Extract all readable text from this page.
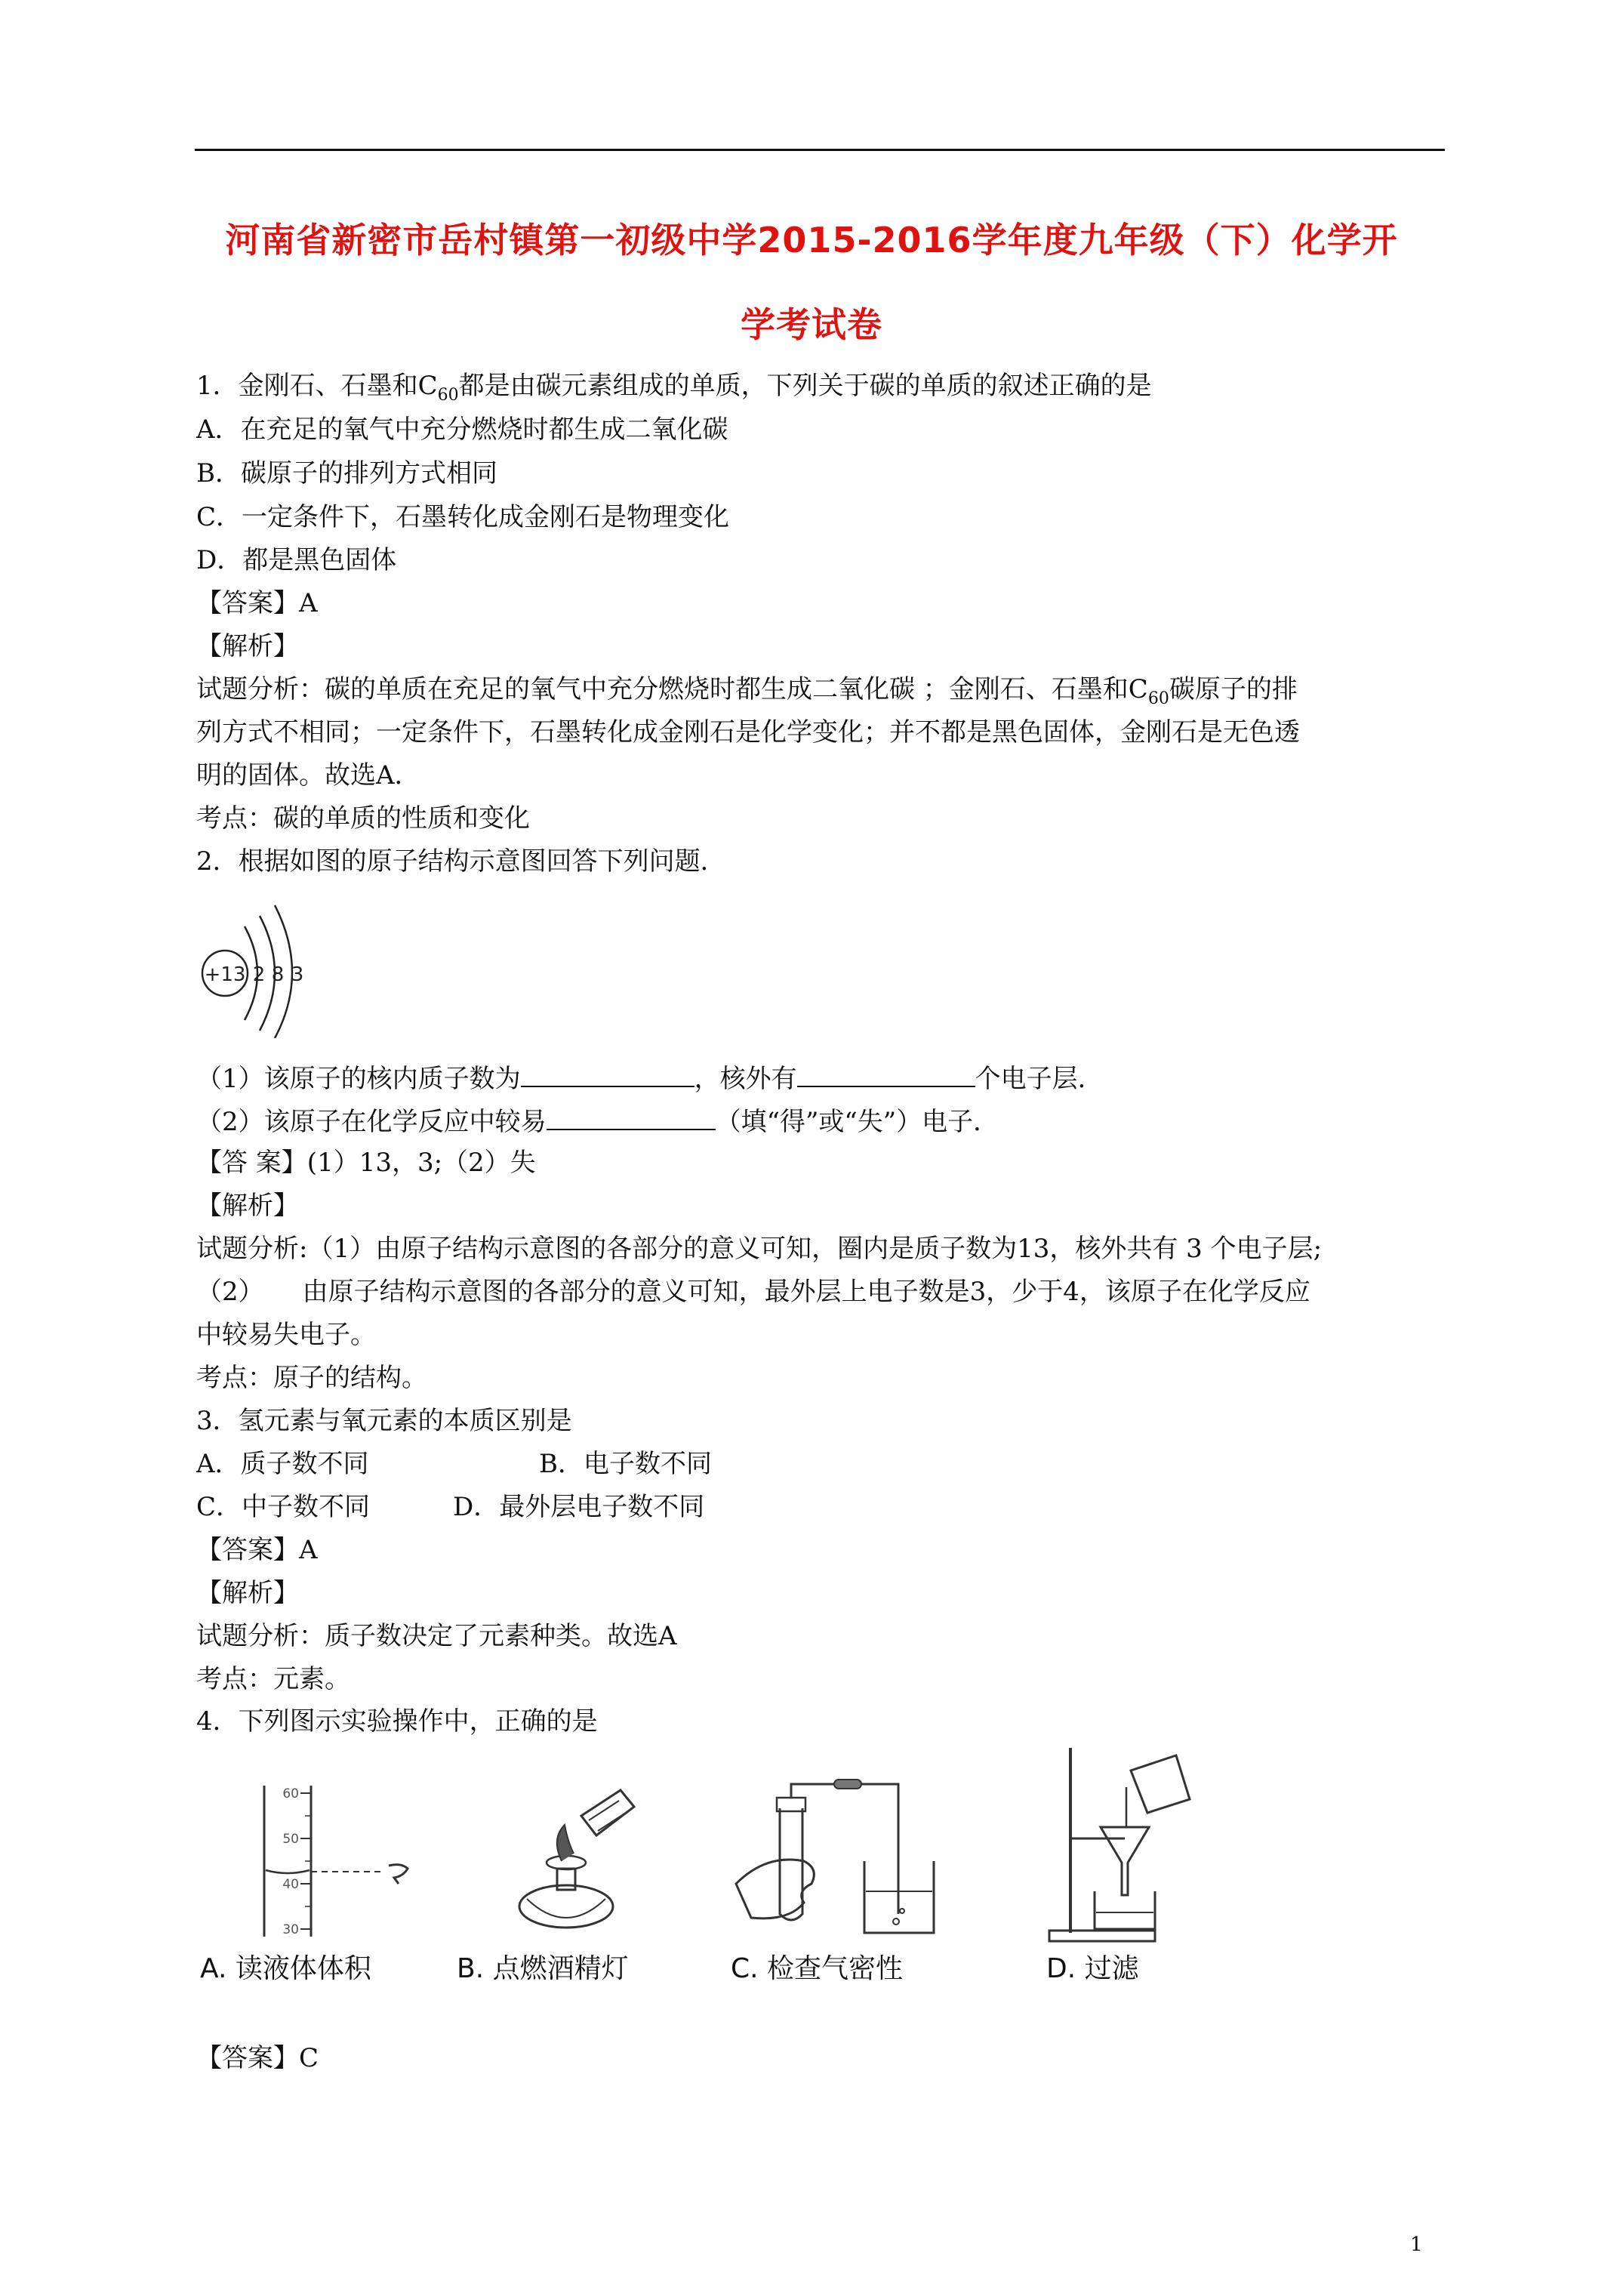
河南省新密市岳村镇第一初级中学2015-2016学年度九年级（下）化学开
学考试卷
1．金刚石、石墨和$C_{60}$都是由碳元素组成的单质，下列关于碳的单质的叙述正确的是
A．在充足的氧气中充分燃烧时都生成二氧化碳
B．碳原子的排列方式相同
C．一定条件下，石墨转化成金刚石是物理变化
D．都是黑色固体
【答案】A
【解析】
试题分析：碳的单质在充足的氧气中充分燃烧时都生成二氧化碳 ；金刚石、石墨和$C_{60}$碳原子的排
列方式不相同；一定条件下，石墨转化成金刚石是化学变化；并不都是黑色固体，金刚石是无色透
明的固体。故选A．
考点：碳的单质的性质和变化
2．根据如图的原子结构示意图回答下列问题．
+13 2 8 3
（1）该原子的核内质子数为	，核外有	个电子层．
（2）该原子在化学反应中较易	（填“得”或“失”）电子．
【答 案】(1）13，3;（2）失
【解析】
试题分析:（1）由原子结构示意图的各部分的意义可知，圈内是质子数为13，核外共有 3 个电子层;
（2）　　由原子结构示意图的各部分的意义可知，最外层上电子数是3，少于4，该原子在化学反应
中较易失电子。
考点：原子的结构。
3．氢元素与氧元素的本质区别是
A．质子数不同	B．电子数不同
C．中子数不同	D．最外层电子数不同
【答案】A
【解析】
试题分析：质子数决定了元素种类。故选A
考点：元素。
4．下列图示实验操作中，正确的是
60
50
40
30
A. 读液体体积	B. 点燃酒精灯	C. 检查气密性	D. 过滤
【答案】C
1
